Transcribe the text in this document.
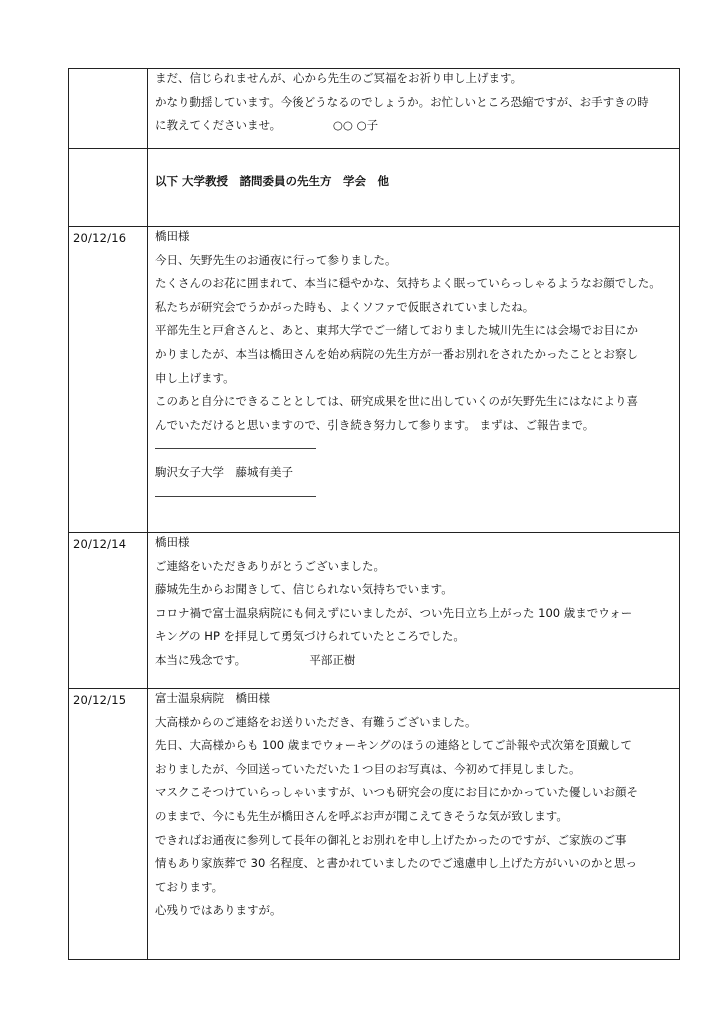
まだ、信じられませんが、心から先生のご冥福をお祈り申し上げます。

かなり動揺しています。今後どうなるのでしょうか。お忙しいところ恐縮ですが、お手すきの時

に教えてくださいませ。　　　　　○○ ○子

以下 大学教授　諮問委員の先生方　学会　他

20/12/16	橋田様

今日、矢野先生のお通夜に行って参りました。

たくさんのお花に囲まれて、本当に穏やかな、気持ちよく眠っていらっしゃるようなお顔でした。

私たちが研究会でうかがった時も、よくソファで仮眠されていましたね。

平部先生と戸倉さんと、あと、東邦大学でご一緒しておりました城川先生には会場でお目にか

かりましたが、本当は橋田さんを始め病院の先生方が一番お別れをされたかったこととお察し

申し上げます。

このあと自分にできることとしては、研究成果を世に出していくのが矢野先生にはなにより喜

んでいただけると思いますので、引き続き努力して参ります。 まずは、ご報告まで。

――――――――――――――

駒沢女子大学　藤城有美子

――――――――――――――

20/12/14	橋田様

ご連絡をいただきありがとうございました。

藤城先生からお聞きして、信じられない気持ちでいます。

コロナ禍で富士温泉病院にも伺えずにいましたが、つい先日立ち上がった 100 歳までウォー

キングの HP を拝見して勇気づけられていたところでした。

本当に残念です。　　　　　　平部正樹

20/12/15	富士温泉病院　橋田様

大高様からのご連絡をお送りいただき、有難うございました。

先日、大高様からも 100 歳までウォーキングのほうの連絡としてご訃報や式次第を頂戴して

おりましたが、今回送っていただいた１つ目のお写真は、今初めて拝見しました。

マスクこそつけていらっしゃいますが、いつも研究会の度にお目にかかっていた優しいお顔そ

のままで、今にも先生が橋田さんを呼ぶお声が聞こえてきそうな気が致します。

できればお通夜に参列して長年の御礼とお別れを申し上げたかったのですが、ご家族のご事

情もあり家族葬で 30 名程度、と書かれていましたのでご遠慮申し上げた方がいいのかと思っ

ております。

心残りではありますが。
